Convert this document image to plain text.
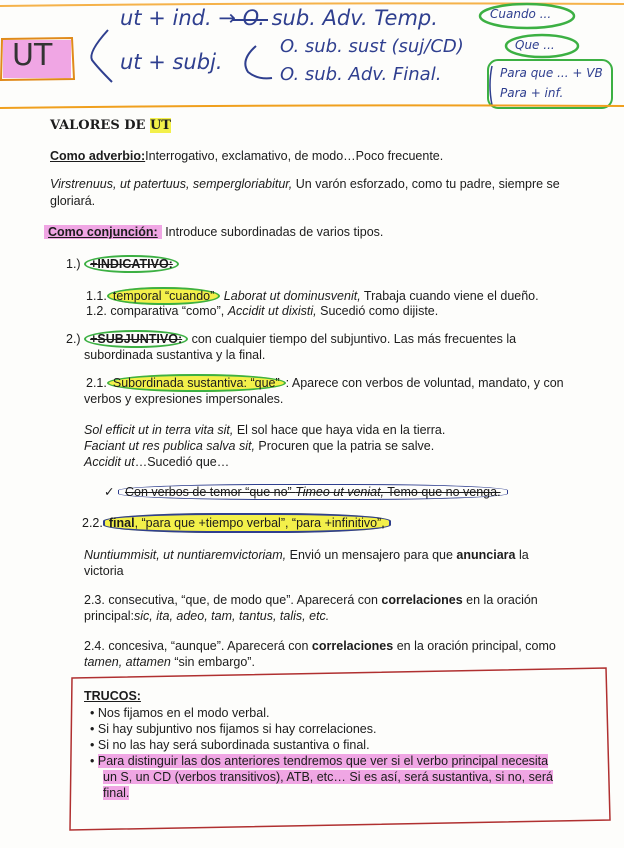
UT
ut + ind. → O. sub. Adv. Temp.	Cuando ...
ut + subj.
O. sub. sust (suj/CD)	Que ...
O. sub. Adv. Final.	Para que ... + VB
Para + inf.
VALORES DE UT
Como adverbio:Interrogativo, exclamativo, de modo…Poco frecuente.
Virstrenuus, ut patertuus, sempergloriabitur, Un varón esforzado, como tu padre, siempre se
gloriará.
Como conjunción: Introduce subordinadas de varios tipos.
1.) +INDICATIVO:
1.1. temporal “cuando” Laborat ut dominusvenit, Trabaja cuando viene el dueño.
1.2. comparativa “como”, Accidit ut dixisti, Sucedió como dijiste.
2.) +SUBJUNTIVO: con cualquier tiempo del subjuntivo. Las más frecuentes la
subordinada sustantiva y la final.
2.1. Subordinada sustantiva: “que” : Aparece con verbos de voluntad, mandato, y con
verbos y expresiones impersonales.
Sol efficit ut in terra vita sit, El sol hace que haya vida en la tierra.
Faciant ut res publica salva sit, Procuren que la patria se salve.
Accidit ut…Sucedió que…
✓ Con verbos de temor “que no” Timeo ut veniat, Temo que no venga.
2.2. final, “para que +tiempo verbal”, “para +infinitivo”,
Nuntiummisit, ut nuntiaremvictoriam, Envió un mensajero para que anunciara la
victoria
2.3. consecutiva, “que, de modo que”. Aparecerá con correlaciones en la oración
principal:sic, ita, adeo, tam, tantus, talis, etc.
2.4. concesiva, “aunque”. Aparecerá con correlaciones en la oración principal, como
tamen, attamen “sin embargo”.
TRUCOS:
• Nos fijamos en el modo verbal.
• Si hay subjuntivo nos fijamos si hay correlaciones.
• Si no las hay será subordinada sustantiva o final.
• Para distinguir las dos anteriores tendremos que ver si el verbo principal necesita
un S, un CD (verbos transitivos), ATB, etc… Si es así, será sustantiva, si no, será
final.
